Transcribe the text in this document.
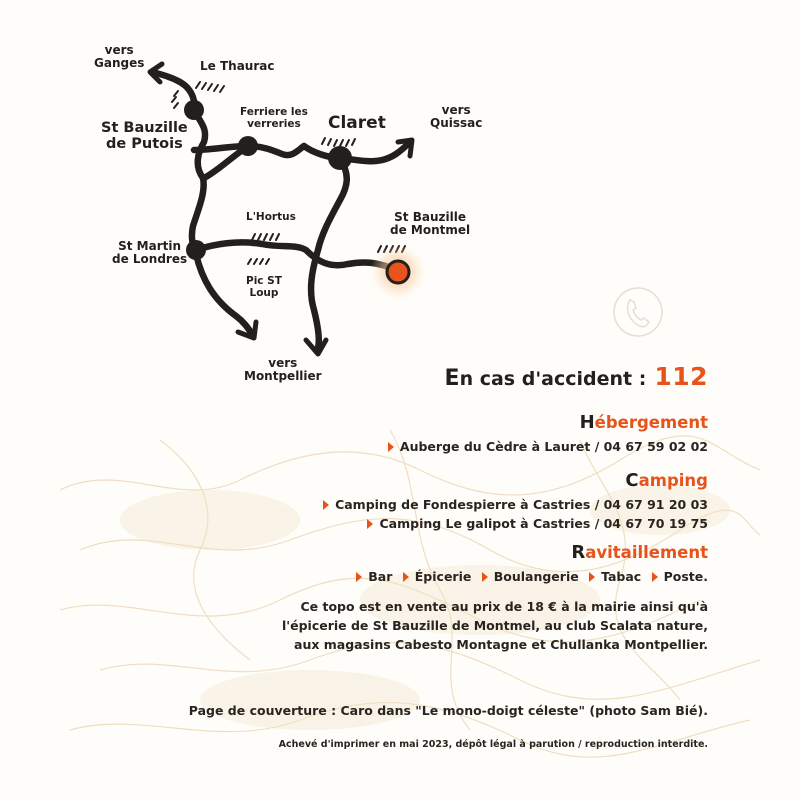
vers
Ganges	Le Thaurac
St Bauzille
de Putois
Ferriere les
verreries	Claret
vers
Quissac
L'Hortus	St Bauzille
de Montmel
St Martin
de Londres
Pic ST
Loup
vers
Montpellier	En cas d'accident : 112
Hébergement
Auberge du Cèdre à Lauret / 04 67 59 02 02
Camping
Camping de Fondespierre à Castries / 04 67 91 20 03
Camping Le galipot à Castries / 04 67 70 19 75
Ravitaillement
Bar Épicerie Boulangerie Tabac Poste.
Ce topo est en vente au prix de 18 € à la mairie ainsi qu'à
l'épicerie de St Bauzille de Montmel, au club Scalata nature,
aux magasins Cabesto Montagne et Chullanka Montpellier.
Page de couverture : Caro dans "Le mono-doigt céleste" (photo Sam Bié).
Achevé d'imprimer en mai 2023, dépôt légal à parution / reproduction interdite.
